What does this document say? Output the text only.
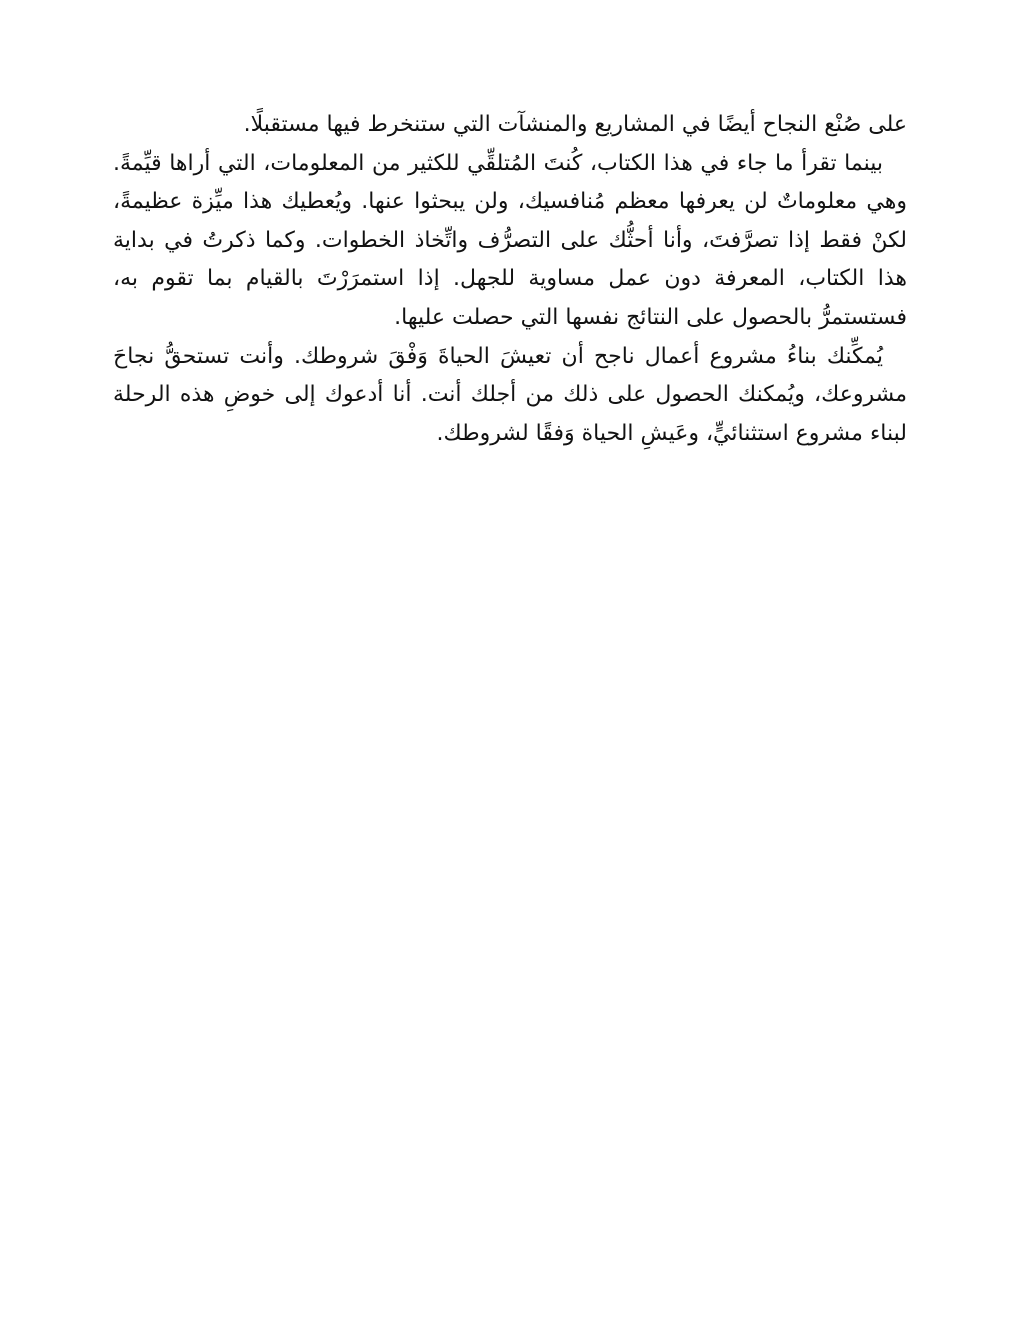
على صُنْع النجاح أيضًا في المشاريع والمنشآت التي ستنخرط فيها مستقبلًا.

بينما تقرأ ما جاء في هذا الكتاب، كُنتَ المُتلقِّي للكثير من المعلومات، التي أراها قيِّمةً. وهي معلوماتٌ لن يعرفها معظم مُنافسيك، ولن يبحثوا عنها. ويُعطيك هذا ميِّزة عظيمةً، لكنْ فقط إذا تصرَّفتَ، وأنا أحثُّك على التصرُّف واتِّخاذ الخطوات. وكما ذكرتُ في بداية هذا الكتاب، المعرفة دون عمل مساوية للجهل. إذا استمرَرْتَ بالقيام بما تقوم به، فستستمرُّ بالحصول على النتائج نفسها التي حصلت عليها.

يُمكِّنك بناءُ مشروع أعمال ناجح أن تعيشَ الحياةَ وَفْقَ شروطك. وأنت تستحقُّ نجاحَ مشروعك، ويُمكنك الحصول على ذلك من أجلك أنت. أنا أدعوك إلى خوضِ هذه الرحلة لبناء مشروع استثنائيٍّ، وعَيشِ الحياة وَفقًا لشروطك.
